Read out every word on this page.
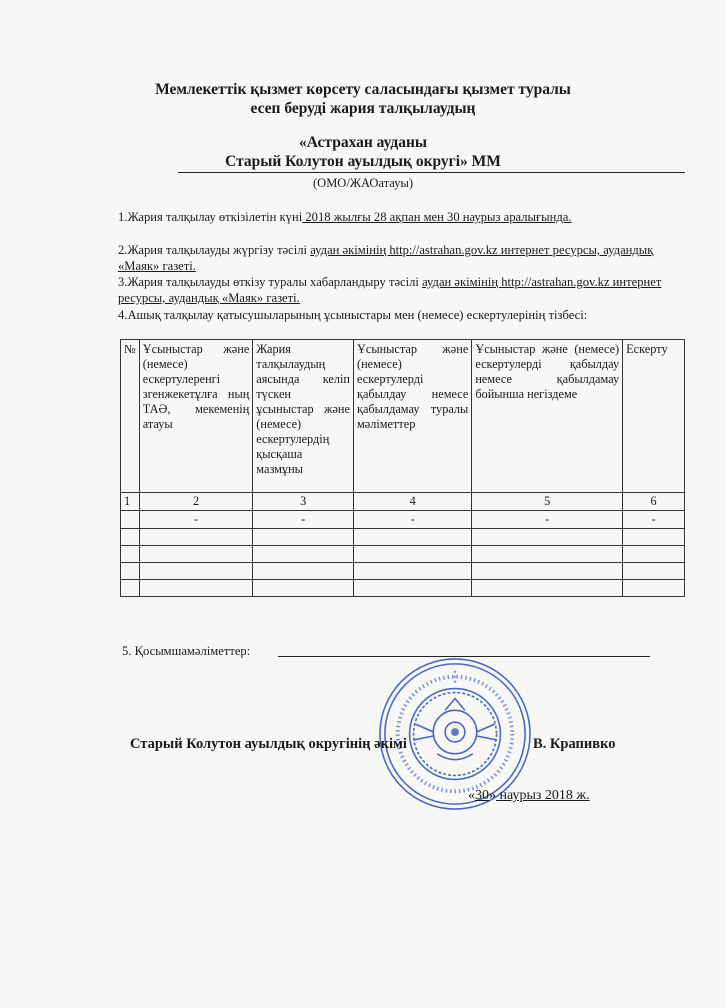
Мемлекеттік қызмет көрсету саласындағы қызмет туралы
есеп беруді жария талқылаудың
«Астрахан ауданы
Старый Колутон ауылдық округі» ММ
(ОМО/ЖАОатауы)
1.Жария талқылау өткізілетін күні 2018 жылғы 28 ақпан мен 30 наурыз аралығында.
2.Жария талқылауды жүргізу тәсілі аудан әкімінің http://astrahan.gov.kz интернет ресурсы, аудандық «Маяк» газеті.
3.Жария талқылауды өткізу туралы хабарландыру тәсілі аудан әкімінің http://astrahan.gov.kz интернет ресурсы, аудандық «Маяк» газеті.
4.Ашық талқылау қатысушыларының ұсыныстары мен (немесе) ескертулерінің тізбесі:
№	Ұсыныстар және (немесе) ескертулеренгі згенжекетұлға ның ТАӘ, мекеменің атауы	Жария талқылаудың аясында келіп түскен ұсыныстар және (немесе) ескертулердің қысқаша мазмұны	Ұсыныстар және (немесе) ескертулерді қабылдау немесе қабылдамау туралы мәліметтер	Ұсыныстар және (немесе) ескертулерді қабылдау немесе қабылдамау бойынша негіздеме	Ескерту
1	2	3	4	5	6
	-	-	-	-	-

5. Қосымшамәліметтер:
Старый Колутон ауылдық округінің әкімі	В. Крапивко
«30» наурыз 2018 ж.
